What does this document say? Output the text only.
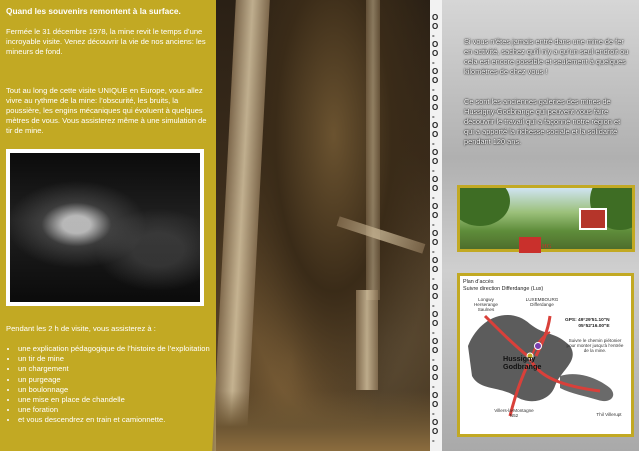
Quand les souvenirs remontent à la surface.

Fermée le 31 décembre 1978, la mine revit le temps d’une incroyable visite. Venez découvrir la vie de nos anciens: les mineurs de fond.

Tout au long de cette visite UNIQUE en Europe, vous allez vivre au rythme de la mine: l’obscurité, les bruits, la poussière, les engins mécaniques qui évoluent à quelques mètres de vous. Vous assisterez même à une simulation de tir de mine.

Pendant les 2 h de visite, vous assisterez à :
• une explication pédagogique de l’histoire de l’exploitation
• un tir de mine
• un chargement
• un purgeage
• un boulonnage
• une mise en place de chandelle
• une foration
• et vous descendrez en train et camionnette.
O
O
-
O
O
-
O
O
-
O
O
-
O
O
-
O
O
-
O
O
-
O
O
-
O
O
-
O
O
-
O
O
-
O
O
-
O
O
-
O
O
-
O
O
-
O
O
-

Si vous n’êtes jamais entré dans une mine de fer en activité, sachez qu’il n’y a qu’un seul endroit ou cela est encore possible et seulement à quelques kilomètres de chez vous !

Ce sont les anciennes galeries des mines de Hussigny-Godbrange qui peuvent vous faire découvrir le travail qui a façonné notre région et qui a apporté la richesse sociale et la solidarité pendant 120 ans.

HG
Plan d’accès
Suivre direction Differdange (Lux)
Longwy Herserange Saulnes
LUXEMBOURG Differdange
GPS: 49°29'51.10"N
05°52'16.00"E
Suivre le chemin piétonier pour monter jusqu’à l’entrée de la mine.
Hussigny Godbrange
Villers-la-Montagne N52	Thil Villerupt
